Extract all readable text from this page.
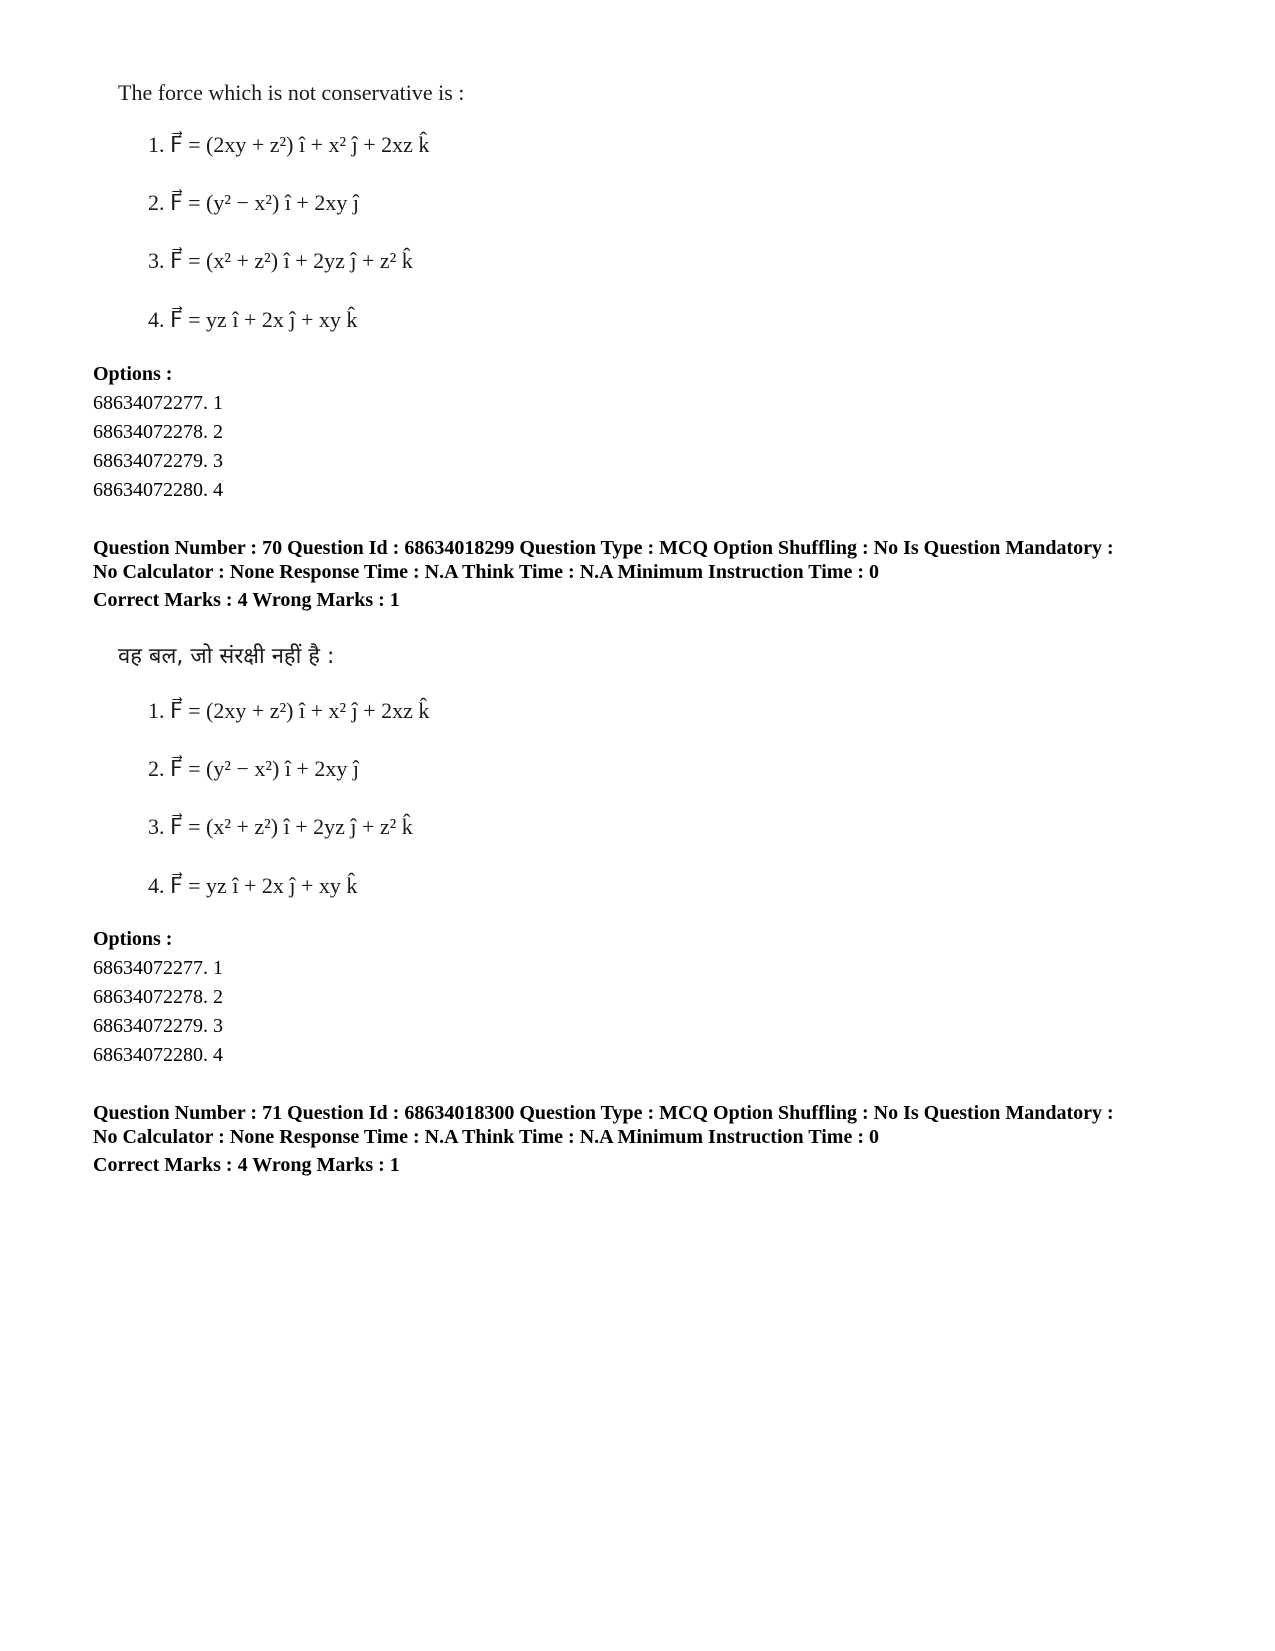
The force which is not conservative is :
1. F⃗ = (2xy + z²) î + x² ĵ + 2xz k̂
2. F⃗ = (y² − x²) î + 2xy ĵ
3. F⃗ = (x² + z²) î + 2yz ĵ + z² k̂
4. F⃗ = yz î + 2x ĵ + xy k̂
Options :
68634072277. 1
68634072278. 2
68634072279. 3
68634072280. 4
Question Number : 70 Question Id : 68634018299 Question Type : MCQ Option Shuffling : No Is Question Mandatory :
No Calculator : None Response Time : N.A Think Time : N.A Minimum Instruction Time : 0
Correct Marks : 4 Wrong Marks : 1
वह बल, जो संरक्षी नहीं है :
1. F⃗ = (2xy + z²) î + x² ĵ + 2xz k̂
2. F⃗ = (y² − x²) î + 2xy ĵ
3. F⃗ = (x² + z²) î + 2yz ĵ + z² k̂
4. F⃗ = yz î + 2x ĵ + xy k̂
Options :
68634072277. 1
68634072278. 2
68634072279. 3
68634072280. 4
Question Number : 71 Question Id : 68634018300 Question Type : MCQ Option Shuffling : No Is Question Mandatory :
No Calculator : None Response Time : N.A Think Time : N.A Minimum Instruction Time : 0
Correct Marks : 4 Wrong Marks : 1
